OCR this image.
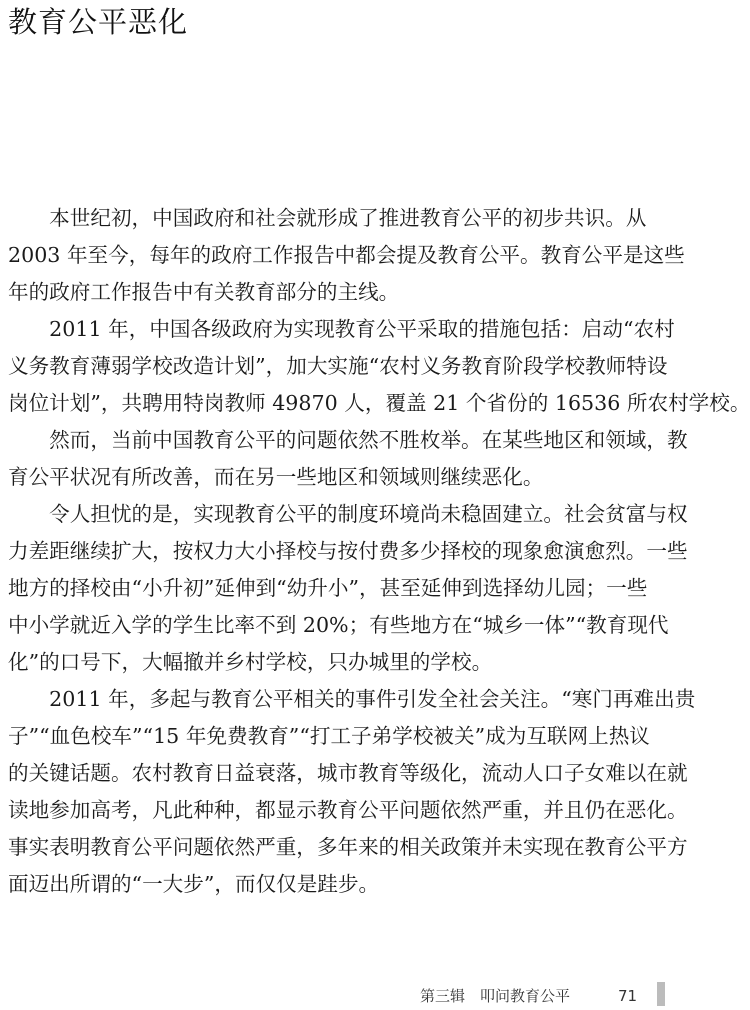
教育公平恶化
　　本世纪初，中国政府和社会就形成了推进教育公平的初步共识。从
2003 年至今，每年的政府工作报告中都会提及教育公平。教育公平是这些
年的政府工作报告中有关教育部分的主线。
　　2011 年，中国各级政府为实现教育公平采取的措施包括：启动“农村
义务教育薄弱学校改造计划”，加大实施“农村义务教育阶段学校教师特设
岗位计划”，共聘用特岗教师 49870 人，覆盖 21 个省份的 16536 所农村学校。
　　然而，当前中国教育公平的问题依然不胜枚举。在某些地区和领域，教
育公平状况有所改善，而在另一些地区和领域则继续恶化。
　　令人担忧的是，实现教育公平的制度环境尚未稳固建立。社会贫富与权
力差距继续扩大，按权力大小择校与按付费多少择校的现象愈演愈烈。一些
地方的择校由“小升初”延伸到“幼升小”，甚至延伸到选择幼儿园；一些
中小学就近入学的学生比率不到 20%；有些地方在“城乡一体”“教育现代
化”的口号下，大幅撤并乡村学校，只办城里的学校。
　　2011 年，多起与教育公平相关的事件引发全社会关注。“寒门再难出贵
子”“血色校车”“15 年免费教育”“打工子弟学校被关”成为互联网上热议
的关键话题。农村教育日益衰落，城市教育等级化，流动人口子女难以在就
读地参加高考，凡此种种，都显示教育公平问题依然严重，并且仍在恶化。
事实表明教育公平问题依然严重，多年来的相关政策并未实现在教育公平方
面迈出所谓的“一大步”，而仅仅是跬步。
第三辑　叩问教育公平	71
